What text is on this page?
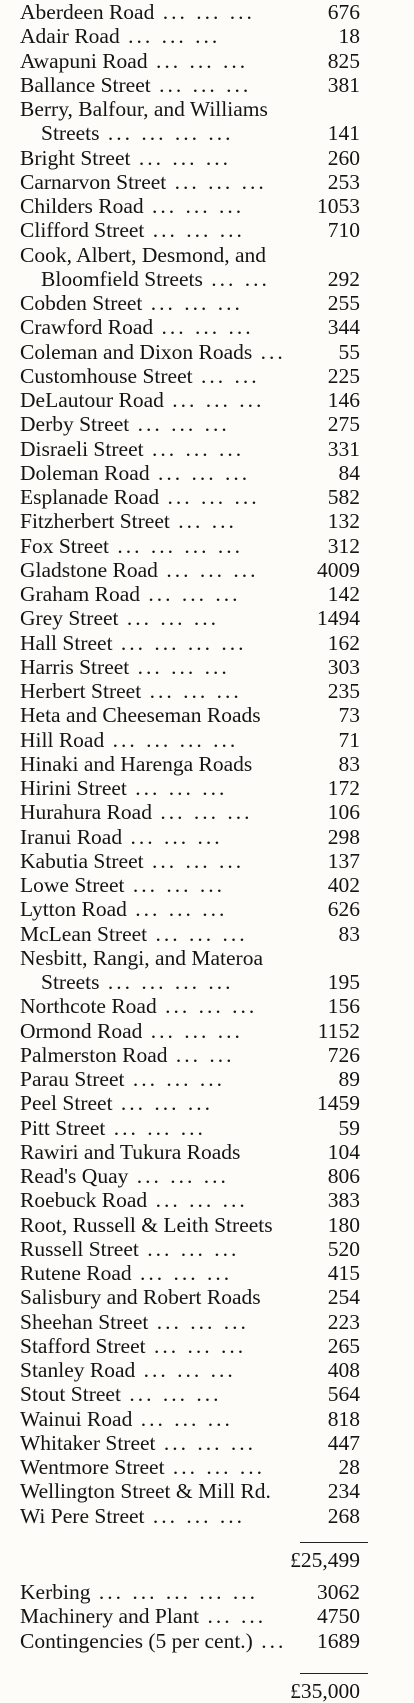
Aberdeen Road ... ... ...	676
Adair Road ... ... ...	18
Awapuni Road ... ... ...	825
Ballance Street ... ... ...	381
Berry, Balfour, and Williams
Streets ... ... ... ...	141
Bright Street ... ... ...	260
Carnarvon Street ... ... ...	253
Childers Road ... ... ...	1053
Clifford Street ... ... ...	710
Cook, Albert, Desmond, and
Bloomfield Streets ... ...	292
Cobden Street ... ... ...	255
Crawford Road ... ... ...	344
Coleman and Dixon Roads ... 55
Customhouse Street ... ...	225
DeLautour Road ... ... ...	146
Derby Street ... ... ...	275
Disraeli Street ... ... ...	331
Doleman Road ... ... ...	84
Esplanade Road ... ... ...	582
Fitzherbert Street ... ...	132
Fox Street ... ... ... ...	312
Gladstone Road ... ... ...	4009
Graham Road ... ... ...	142
Grey Street ... ... ...	1494
Hall Street ... ... ... ...	162
Harris Street ... ... ...	303
Herbert Street ... ... ...	235
Heta and Cheeseman Roads	73
Hill Road ... ... ... ...	71
Hinaki and Harenga Roads	83
Hirini Street ... ... ...	172
Hurahura Road ... ... ...	106
Iranui Road ... ... ...	298
Kabutia Street ... ... ...	137
Lowe Street ... ... ...	402
Lytton Road ... ... ...	626
McLean Street ... ... ...	83
Nesbitt, Rangi, and Materoa
Streets ... ... ... ...	195
Northcote Road ... ... ...	156
Ormond Road ... ... ...	1152
Palmerston Road ... ...	726
Parau Street ... ... ...	89
Peel Street ... ... ...	1459
Pitt Street ... ... ...	59
Rawiri and Tukura Roads	104
Read's Quay ... ... ...	806
Roebuck Road ... ... ...	383
Root, Russell & Leith Streets	180
Russell Street ... ... ...	520
Rutene Road ... ... ...	415
Salisbury and Robert Roads	254
Sheehan Street ... ... ...	223
Stafford Street ... ... ...	265
Stanley Road ... ... ...	408
Stout Street ... ... ...	564
Wainui Road ... ... ...	818
Whitaker Street ... ... ...	447
Wentmore Street ... ... ...	28
Wellington Street & Mill Rd.	234
Wi Pere Street ... ... ...	268
£25,499
Kerbing ... ... ... ... ...	3062
Machinery and Plant ... ... 4750
Contingencies (5 per cent.) ... 1689
£35,000
